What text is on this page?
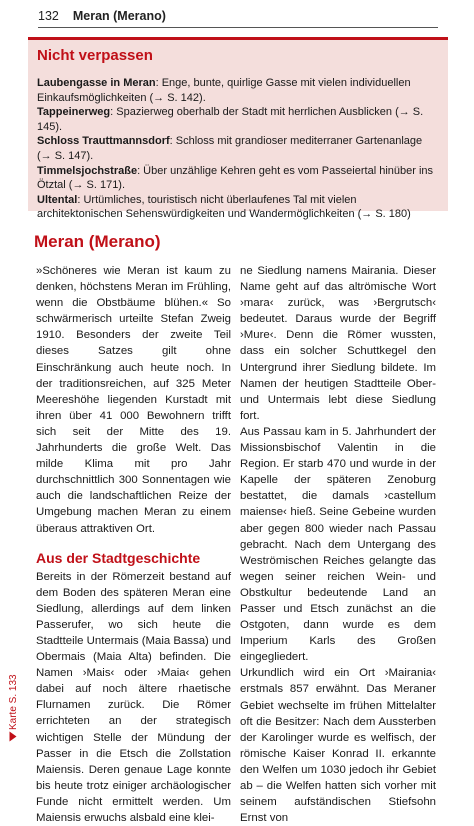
132 Meran (Merano)
Nicht verpassen

Laubengasse in Meran: Enge, bunte, quirlige Gasse mit vielen individuellen Einkaufsmöglichkeiten (→ S. 142).

Tappeinerweg: Spazierweg oberhalb der Stadt mit herrlichen Ausblicken (→ S. 145).

Schloss Trauttmannsdorf: Schloss mit grandioser mediterraner Gartenanlage (→ S. 147).

Timmelsjochstraße: Über unzählige Kehren geht es vom Passeiertal hinüber ins Ötztal (→ S. 171).

Ultental: Urtümliches, touristisch nicht überlaufenes Tal mit vielen architektonischen Sehenswürdigkeiten und Wandermöglichkeiten (→ S. 180)

Meran (Merano)

»Schöneres wie Meran ist kaum zu denken, höchstens Meran im Frühling, wenn die Obstbäume blühen.« So schwärmerisch urteilte Stefan Zweig 1910. Besonders der zweite Teil dieses Satzes gilt ohne Einschränkung auch heute noch. In der traditionsreichen, auf 325 Meter Meereshöhe liegenden Kurstadt mit ihren über 41 000 Bewohnern trifft sich seit der Mitte des 19. Jahrhunderts die große Welt. Das milde Klima mit pro Jahr durchschnittlich 300 Sonnentagen wie auch die landschaftlichen Reize der Umgebung machen Meran zu einem überaus attraktiven Ort.

Aus der Stadtgeschichte

Bereits in der Römerzeit bestand auf dem Boden des späteren Meran eine Siedlung, allerdings auf dem linken Passerufer, wo sich heute die Stadtteile Untermais (Maia Bassa) und Obermais (Maia Alta) befinden. Die Namen ›Mais‹ oder ›Maia‹ gehen dabei auf noch ältere rhaetische Flurnamen zurück. Die Römer errichteten an der strategisch wichtigen Stelle der Mündung der Passer in die Etsch die Zollstation Maiensis. Deren genaue Lage konnte bis heute trotz einiger archäologischer Funde nicht ermittelt werden. Um Maiensis erwuchs alsbald eine klei-

ne Siedlung namens Mairania. Dieser Name geht auf das altrömische Wort ›mara‹ zurück, was ›Bergrutsch‹ bedeutet. Daraus wurde der Begriff ›Mure‹. Denn die Römer wussten, dass ein solcher Schuttkegel den Untergrund ihrer Siedlung bildete. Im Namen der heutigen Stadtteile Ober- und Untermais lebt diese Siedlung fort.

Aus Passau kam in 5. Jahrhundert der Missionsbischof Valentin in die Region. Er starb 470 und wurde in der Kapelle der späteren Zenoburg bestattet, die damals ›castellum maiense‹ hieß. Seine Gebeine wurden aber gegen 800 wieder nach Passau gebracht. Nach dem Untergang des Weströmischen Reiches gelangte das wegen seiner reichen Wein- und Obstkultur bedeutende Land an Passer und Etsch zunächst an die Ostgoten, dann wurde es dem Imperium Karls des Großen eingegliedert.

Urkundlich wird ein Ort ›Mairania‹ erstmals 857 erwähnt. Das Meraner Gebiet wechselte im frühen Mittelalter oft die Besitzer: Nach dem Aussterben der Karolinger wurde es welfisch, der römische Kaiser Konrad II. erkannte den Welfen um 1030 jedoch ihr Gebiet ab – die Welfen hatten sich vorher mit seinem aufständischen Stiefsohn Ernst von

Karte S. 133
